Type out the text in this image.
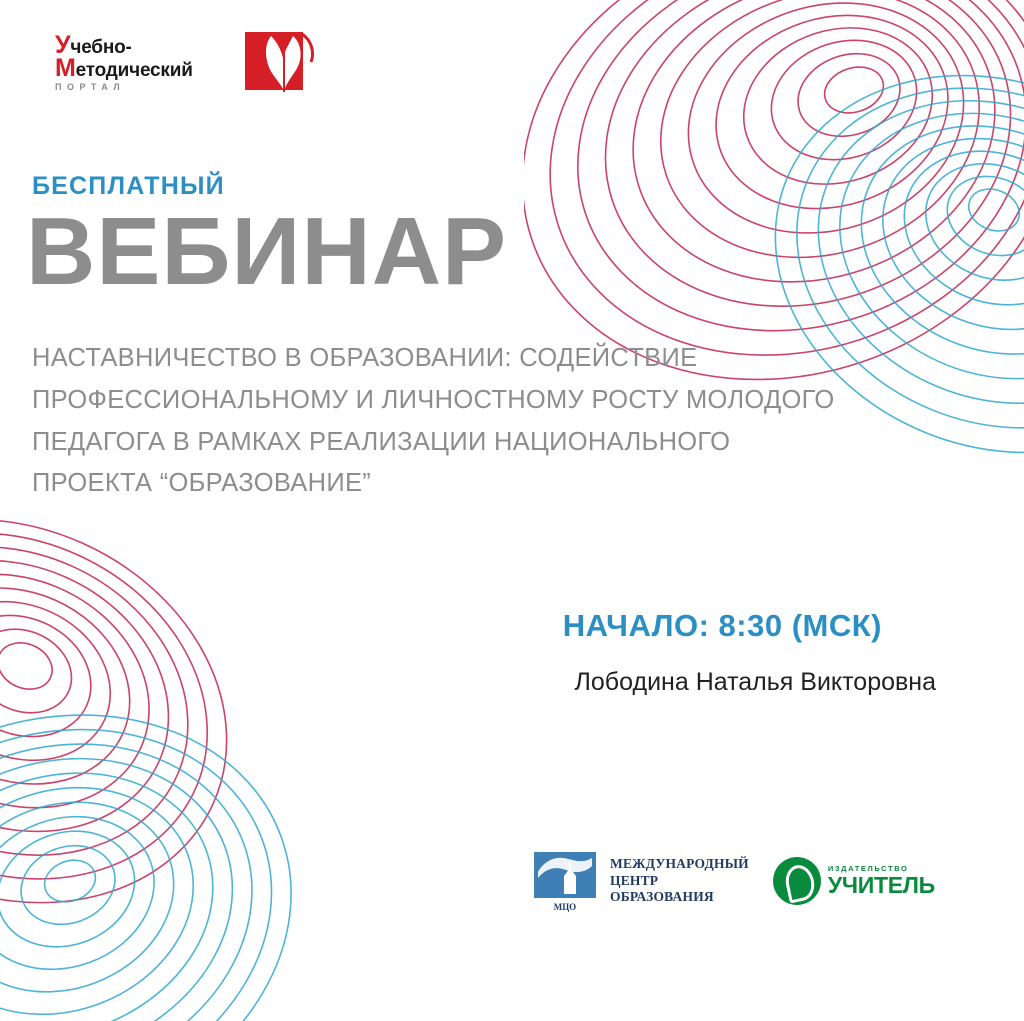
Учебно-
Методический
ПОРТАЛ
БЕСПЛАТНЫЙ
ВЕБИНАР
НАСТАВНИЧЕСТВО В ОБРАЗОВАНИИ: СОДЕЙСТВИЕ ПРОФЕССИОНАЛЬНОМУ И ЛИЧНОСТНОМУ РОСТУ МОЛОДОГО ПЕДАГОГА В РАМКАХ РЕАЛИЗАЦИИ НАЦИОНАЛЬНОГО ПРОЕКТА “ОБРАЗОВАНИЕ”
НАЧАЛО: 8:30 (МСК)
Лободина Наталья Викторовна
МЦО
МЕЖДУНАРОДНЫЙ
ЦЕНТР
ОБРАЗОВАНИЯ
ИЗДАТЕЛЬСТВО
УЧИТЕЛЬ
